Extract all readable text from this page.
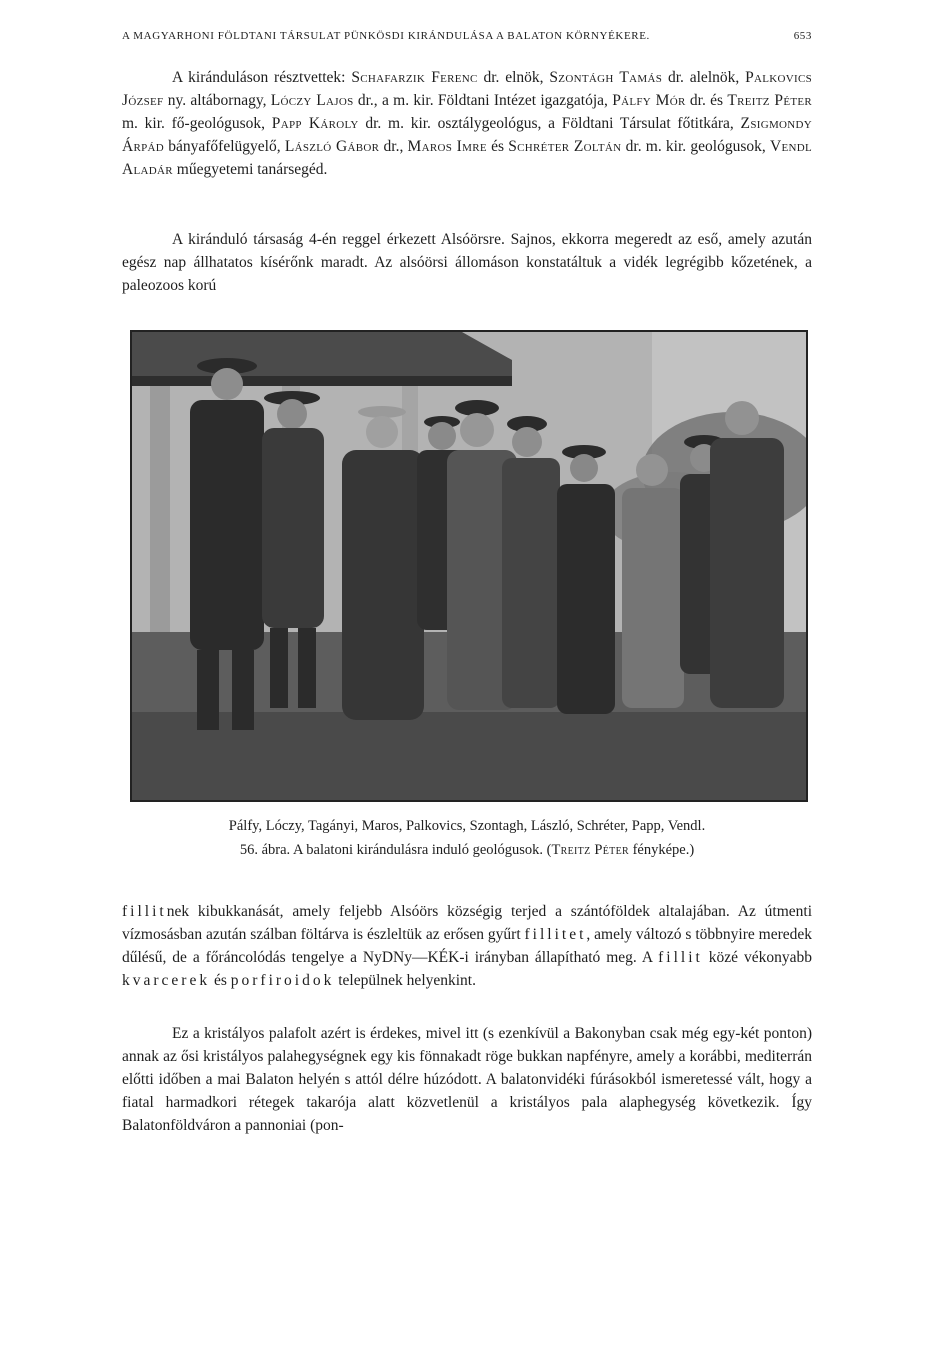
A MAGYARHONI FÖLDTANI TÁRSULAT PÜNKÖSDI KIRÁNDULÁSA A BALATON KÖRNYÉKERE.	653
A kiránduláson résztvettek: Schafarzik Ferenc dr. elnök, Szontágh Tamás dr. alelnök, Palkovics József ny. altábornagy, Lóczy Lajos dr., a m. kir. Földtani Intézet igazgatója, Pálfy Mór dr. és Treitz Péter m. kir. fő-geológusok, Papp Károly dr. m. kir. osztálygeológus, a Földtani Társulat főtitkára, Zsigmondy Árpád bányafőfelügyelő, László Gábor dr., Maros Imre és Schréter Zoltán dr. m. kir. geológusok, Vendl Aladár műegyetemi tanársegéd.
A kiránduló társaság 4-én reggel érkezett Alsóörsre. Sajnos, ekkorra megeredt az eső, amely azután egész nap állhatatos kísérőnk maradt. Az alsóörsi állomáson konstatáltuk a vidék legrégibb kőzetének, a paleozoos korú
Pálfy, Lóczy, Tagányi, Maros, Palkovics, Szontagh, László, Schréter, Papp, Vendl.
56. ábra. A balatoni kirándulásra induló geológusok. (Treitz Péter fényképe.)
fillitnek kibukkanását, amely feljebb Alsóörs községig terjed a szántóföldek altalajában. Az útmenti vízmosásban azután szálban föltárva is észleltük az erősen gyűrt fillitet, amely változó s többnyire meredek dűlésű, de a főráncolódás tengelye a NyDNy—KÉK-i irányban állapítható meg. A fillit közé vékonyabb kvarcerek és porfiroidok települnek helyenkint.
Ez a kristályos palafolt azért is érdekes, mivel itt (s ezenkívül a Bakonyban csak még egy-két ponton) annak az ősi kristályos palahegységnek egy kis fönnakadt röge bukkan napfényre, amely a korábbi, mediterrán előtti időben a mai Balaton helyén s attól délre húzódott. A balatonvidéki fúrásokból ismeretessé vált, hogy a fiatal harmadkori rétegek takarója alatt közvetlenül a kristályos pala alaphegység következik. Így Balatonföldváron a pannoniai (pon-
